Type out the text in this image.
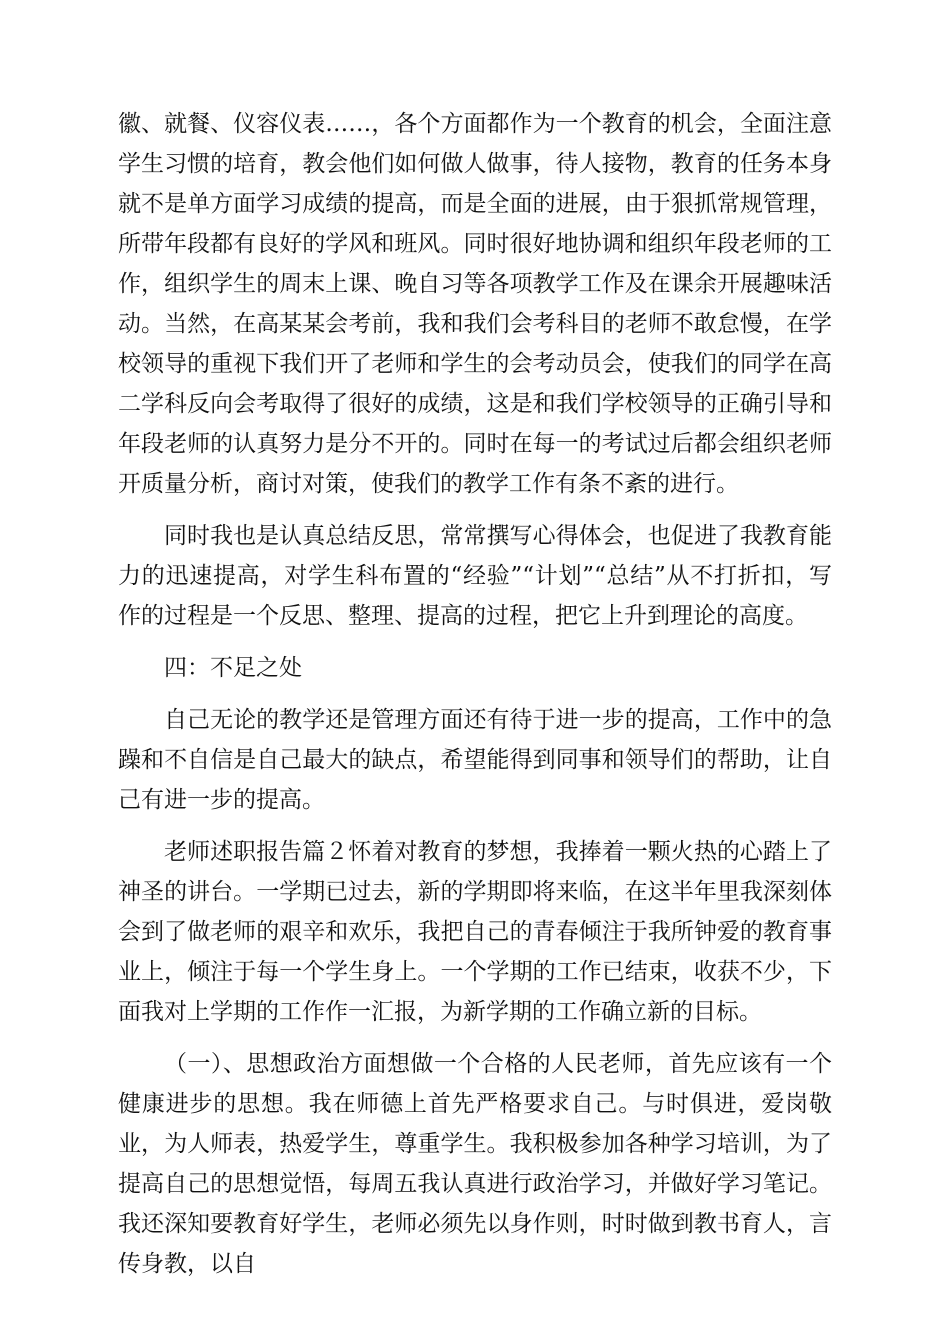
徽、就餐、仪容仪表……，各个方面都作为一个教育的机会，全面注意学生习惯的培育，教会他们如何做人做事，待人接物，教育的任务本身就不是单方面学习成绩的提高，而是全面的进展，由于狠抓常规管理，所带年段都有良好的学风和班风。同时很好地协调和组织年段老师的工作，组织学生的周末上课、晚自习等各项教学工作及在课余开展趣味活动。当然，在高某某会考前，我和我们会考科目的老师不敢怠慢，在学校领导的重视下我们开了老师和学生的会考动员会，使我们的同学在高二学科反向会考取得了很好的成绩，这是和我们学校领导的正确引导和年段老师的认真努力是分不开的。同时在每一的考试过后都会组织老师开质量分析，商讨对策，使我们的教学工作有条不紊的进行。

同时我也是认真总结反思，常常撰写心得体会，也促进了我教育能力的迅速提高，对学生科布置的“经验”“计划”“总结”从不打折扣，写作的过程是一个反思、整理、提高的过程，把它上升到理论的高度。

四：不足之处

自己无论的教学还是管理方面还有待于进一步的提高，工作中的急躁和不自信是自己最大的缺点，希望能得到同事和领导们的帮助，让自己有进一步的提高。

老师述职报告篇２怀着对教育的梦想，我捧着一颗火热的心踏上了神圣的讲台。一学期已过去，新的学期即将来临，在这半年里我深刻体会到了做老师的艰辛和欢乐，我把自己的青春倾注于我所钟爱的教育事业上，倾注于每一个学生身上。一个学期的工作已结束，收获不少，下面我对上学期的工作作一汇报，为新学期的工作确立新的目标。

（一）、思想政治方面想做一个合格的人民老师，首先应该有一个健康进步的思想。我在师德上首先严格要求自己。与时俱进，爱岗敬业，为人师表，热爱学生，尊重学生。我积极参加各种学习培训，为了提高自己的思想觉悟，每周五我认真进行政治学习，并做好学习笔记。我还深知要教育好学生，老师必须先以身作则，时时做到教书育人，言传身教，以自
